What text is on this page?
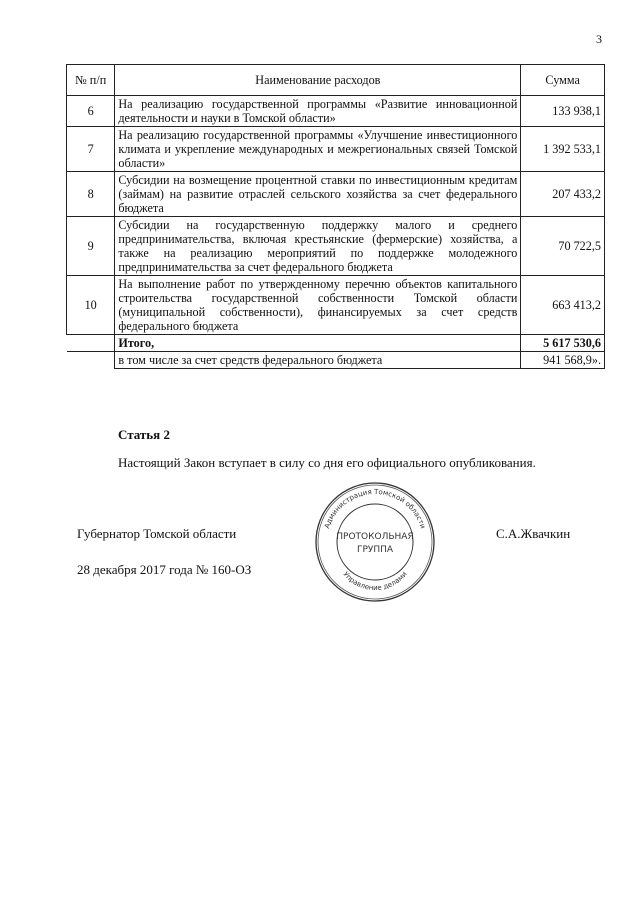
3
№ п/п	Наименование расходов	Сумма
6	На реализацию государственной программы «Развитие инновационной деятельности и науки в Томской области»	133 938,1
7	На реализацию государственной программы «Улучшение инвестиционного климата и укрепление международных и межрегиональных связей Томской области»	1 392 533,1
8	Субсидии на возмещение процентной ставки по инвестиционным кредитам (займам) на развитие отраслей сельского хозяйства за счет федерального бюджета	207 433,2
9	Субсидии на государственную поддержку малого и среднего предпринимательства, включая крестьянские (фермерские) хозяйства, а также на реализацию мероприятий по поддержке молодежного предпринимательства за счет федерального бюджета	70 722,5
10	На выполнение работ по утвержденному перечню объектов капитального строительства государственной собственности Томской области (муниципальной собственности), финансируемых за счет средств федерального бюджета	663 413,2
	Итого,	5 617 530,6
	в том числе за счет средств федерального бюджета	941 568,9».
Статья 2
Настоящий Закон вступает в силу со дня его официального опубликования.
Губернатор Томской области	С.А.Жвачкин
28 декабря 2017 года № 160-ОЗ
Администрация Томской области
Управление делами
ПРОТОКОЛЬНАЯ
ГРУППА
